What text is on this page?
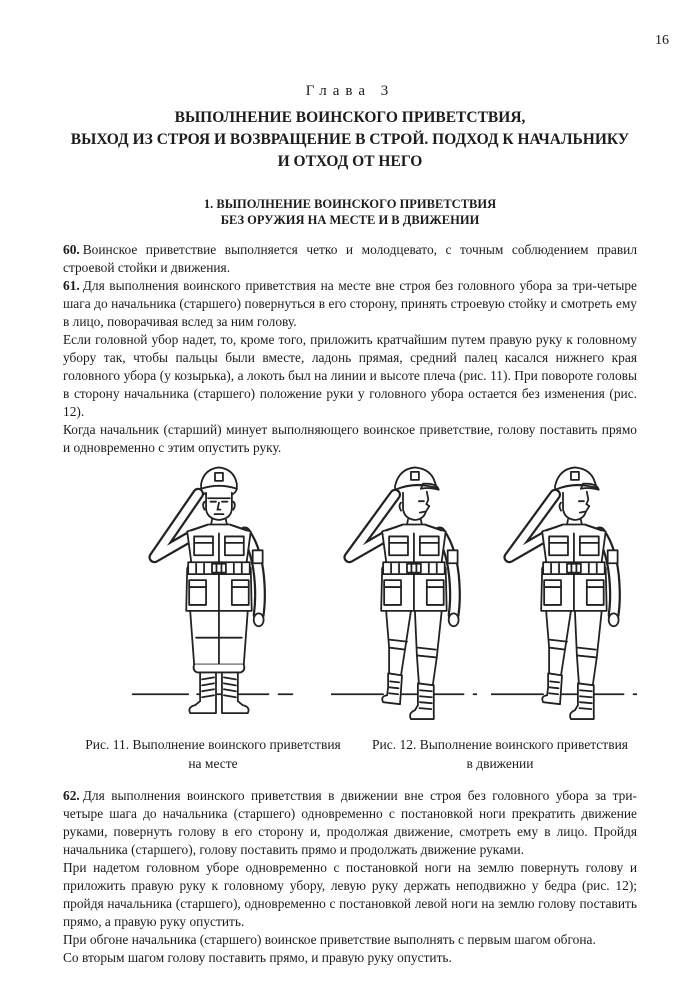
16
Глава 3
ВЫПОЛНЕНИЕ ВОИНСКОГО ПРИВЕТСТВИЯ,
ВЫХОД ИЗ СТРОЯ И ВОЗВРАЩЕНИЕ В СТРОЙ. ПОДХОД К НАЧАЛЬНИКУ
И ОТХОД ОТ НЕГО
1. ВЫПОЛНЕНИЕ ВОИНСКОГО ПРИВЕТСТВИЯ
БЕЗ ОРУЖИЯ НА МЕСТЕ И В ДВИЖЕНИИ

60. Воинское приветствие выполняется четко и молодцевато, с точным соблюдением правил строевой стойки и движения.

61. Для выполнения воинского приветствия на месте вне строя без головного убора за три-четыре шага до начальника (старшего) повернуться в его сторону, принять строевую стойку и смотреть ему в лицо, поворачивая вслед за ним голову.

Если головной убор надет, то, кроме того, приложить кратчайшим путем правую руку к головному убору так, чтобы пальцы были вместе, ладонь прямая, средний палец касался нижнего края головного убора (у козырька), а локоть был на линии и высоте плеча (рис. 11). При повороте головы в сторону начальника (старшего) положение руки у головного убора остается без изменения (рис. 12).

Когда начальник (старший) минует выполняющего воинское приветствие, голову поставить прямо и одновременно с этим опустить руку.

Рис. 11. Выполнение воинского приветствия
на месте
Рис. 12. Выполнение воинского приветствия
в движении

62. Для выполнения воинского приветствия в движении вне строя без головного убора за три-четыре шага до начальника (старшего) одновременно с постановкой ноги прекратить движение руками, повернуть голову в его сторону и, продолжая движение, смотреть ему в лицо. Пройдя начальника (старшего), голову поставить прямо и продолжать движение руками.

При надетом головном уборе одновременно с постановкой ноги на землю повернуть голову и приложить правую руку к головному убору, левую руку держать неподвижно у бедра (рис. 12); пройдя начальника (старшего), одновременно с постановкой левой ноги на землю голову поставить прямо, а правую руку опустить.

При обгоне начальника (старшего) воинское приветствие выполнять с первым шагом обгона.

Со вторым шагом голову поставить прямо, и правую руку опустить.
